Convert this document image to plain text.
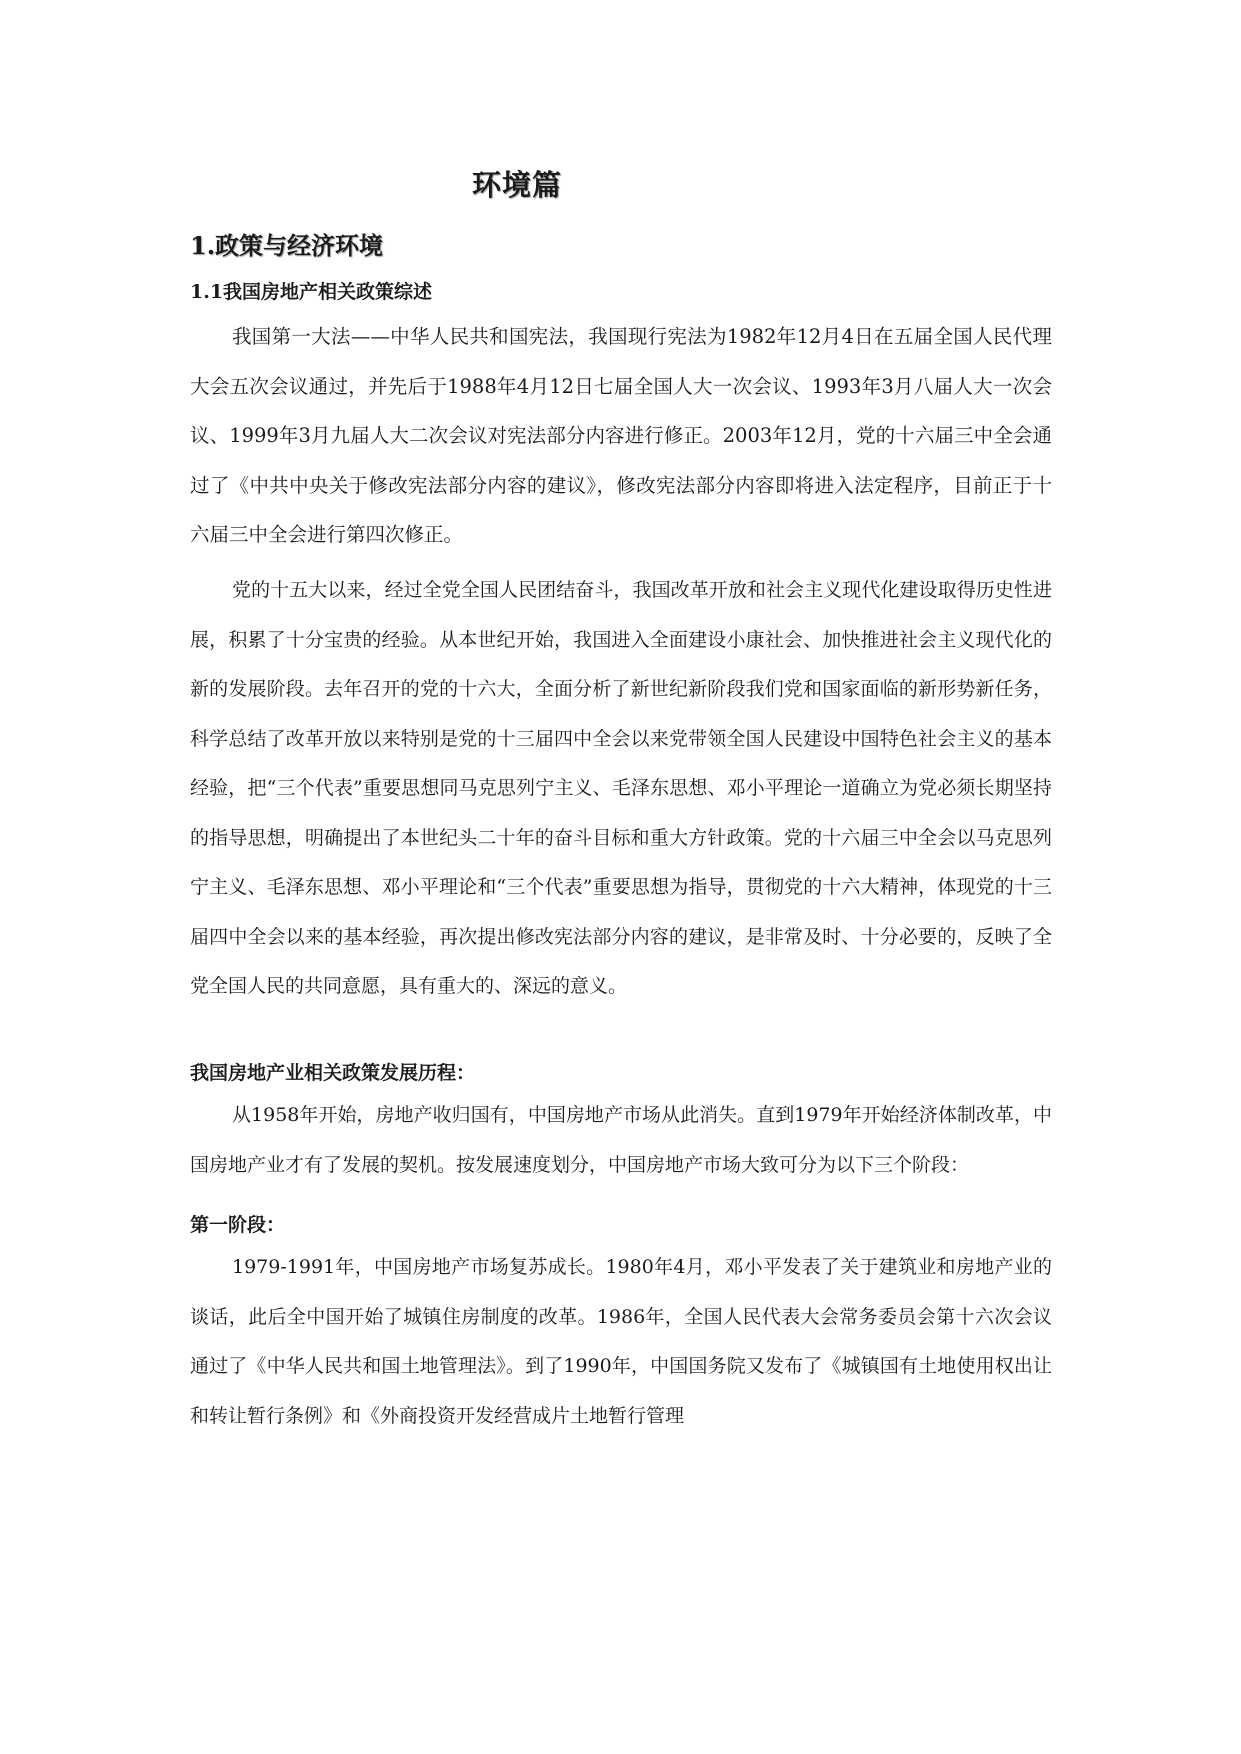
环境篇
1.政策与经济环境
1.1我国房地产相关政策综述

我国第一大法——中华人民共和国宪法，我国现行宪法为1982年12月4日在五届全国人民代理大会五次会议通过，并先后于1988年4月12日七届全国人大一次会议、1993年3月八届人大一次会议、1999年3月九届人大二次会议对宪法部分内容进行修正。2003年12月，党的十六届三中全会通过了《中共中央关于修改宪法部分内容的建议》，修改宪法部分内容即将进入法定程序，目前正于十六届三中全会进行第四次修正。

党的十五大以来，经过全党全国人民团结奋斗，我国改革开放和社会主义现代化建设取得历史性进展，积累了十分宝贵的经验。从本世纪开始，我国进入全面建设小康社会、加快推进社会主义现代化的新的发展阶段。去年召开的党的十六大，全面分析了新世纪新阶段我们党和国家面临的新形势新任务，科学总结了改革开放以来特别是党的十三届四中全会以来党带领全国人民建设中国特色社会主义的基本经验，把“三个代表”重要思想同马克思列宁主义、毛泽东思想、邓小平理论一道确立为党必须长期坚持的指导思想，明确提出了本世纪头二十年的奋斗目标和重大方针政策。党的十六届三中全会以马克思列宁主义、毛泽东思想、邓小平理论和“三个代表”重要思想为指导，贯彻党的十六大精神，体现党的十三届四中全会以来的基本经验，再次提出修改宪法部分内容的建议，是非常及时、十分必要的，反映了全党全国人民的共同意愿，具有重大的、深远的意义。

我国房地产业相关政策发展历程：

从1958年开始，房地产收归国有，中国房地产市场从此消失。直到1979年开始经济体制改革，中国房地产业才有了发展的契机。按发展速度划分，中国房地产市场大致可分为以下三个阶段：

第一阶段：

1979-1991年，中国房地产市场复苏成长。1980年4月，邓小平发表了关于建筑业和房地产业的谈话，此后全中国开始了城镇住房制度的改革。1986年，全国人民代表大会常务委员会第十六次会议通过了《中华人民共和国土地管理法》。到了1990年，中国国务院又发布了《城镇国有土地使用权出让和转让暂行条例》和《外商投资开发经营成片土地暂行管理
